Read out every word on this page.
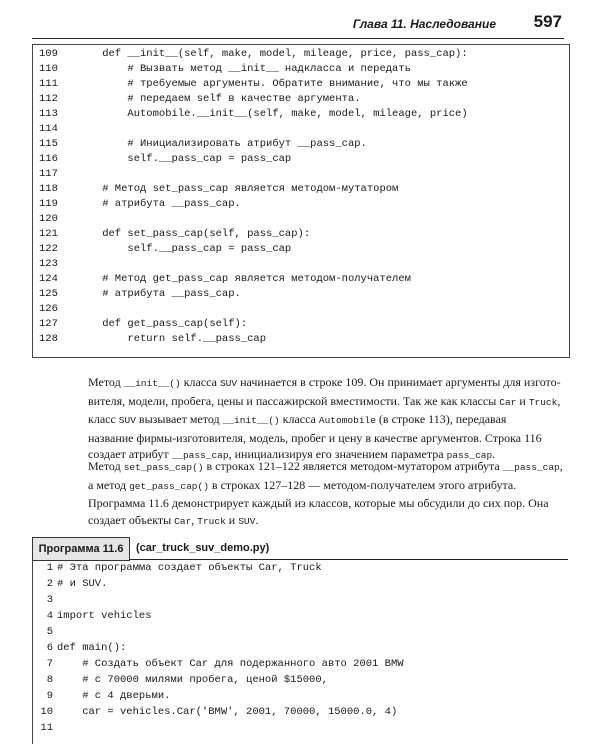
Глава 11. Наследование 597
109	def __init__(self, make, model, mileage, price, pass_cap):
110	# Вызвать метод __init__ надкласса и передать
111	# требуемые аргументы. Обратите внимание, что мы также
112	# передаем self в качестве аргумента.
113	Automobile.__init__(self, make, model, mileage, price)
114
115	# Инициализировать атрибут __pass_cap.
116	self.__pass_cap = pass_cap
117
118	# Метод set_pass_cap является методом-мутатором
119	# атрибута __pass_cap.
120
121	def set_pass_cap(self, pass_cap):
122	self.__pass_cap = pass_cap
123
124	# Метод get_pass_cap является методом-получателем
125	# атрибута __pass_cap.
126
127	def get_pass_cap(self):
128	return self.__pass_cap
Метод __init__() класса SUV начинается в строке 109. Он принимает аргументы для изгото-
вителя, модели, пробега, цены и пассажирской вместимости. Так же как классы Car и Truck,
класс SUV вызывает метод __init__() класса Automobile (в строке 113), передавая
название фирмы-изготовителя, модель, пробег и цену в качестве аргументов. Строка 116
создает атрибут __pass_cap, инициализируя его значением параметра pass_cap.
Метод set_pass_cap() в строках 121–122 является методом-мутатором атрибута __pass_cap,
а метод get_pass_cap() в строках 127–128 — методом-получателем этого атрибута.
Программа 11.6 демонстрирует каждый из классов, которые мы обсудили до сих пор. Она
создает объекты Car, Truck и SUV.
Программа 11.6	(car_truck_suv_demo.py)
1 # Эта программа создает объекты Car, Truck
2 # и SUV.
3
4 import vehicles
5
6 def main():
7 # Создать объект Car для подержанного авто 2001 BMW
8 # с 70000 милями пробега, ценой $15000,
9 # с 4 дверьми.
10 car = vehicles.Car('BMW', 2001, 70000, 15000.0, 4)
11
